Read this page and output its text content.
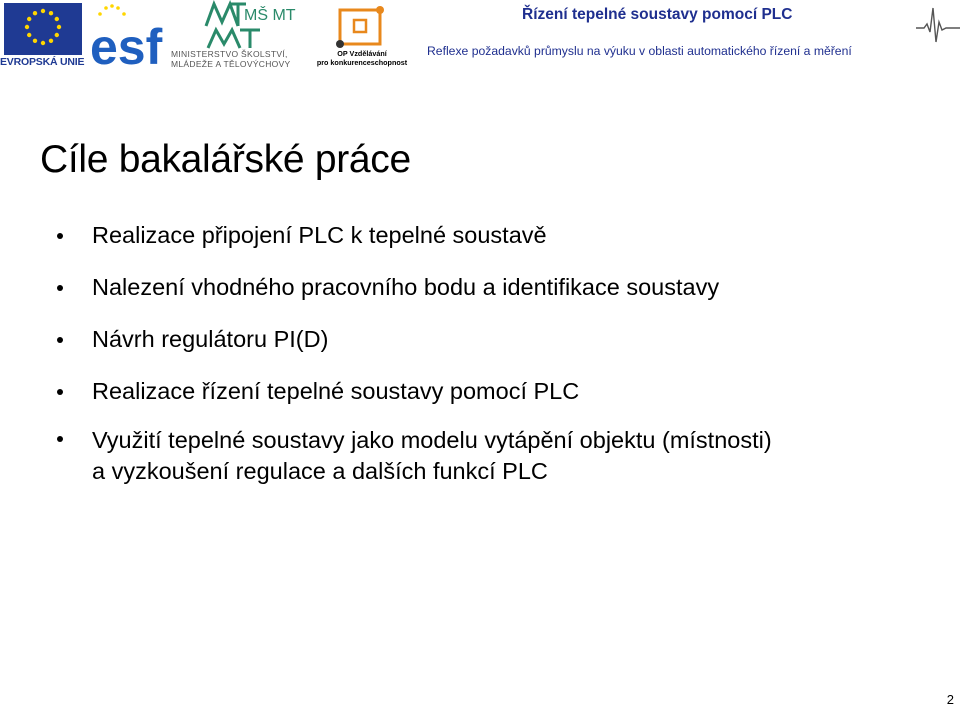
EVROPSKÁ UNIE esf
MŠ MT
MINISTERSTVO ŠKOLSTVÍ,
MLÁDEŽE A TĚLOVÝCHOVY
OP Vzdělávání
pro konkurenceschopnost
Řízení tepelné soustavy pomocí PLC
Reflexe požadavků průmyslu na výuku v oblasti automatického řízení a měření
Cíle bakalářské práce
Realizace připojení PLC k tepelné soustavě
Nalezení vhodného pracovního bodu a identifikace soustavy
Návrh regulátoru PI(D)
Realizace řízení tepelné soustavy pomocí PLC
Využití tepelné soustavy jako modelu vytápění objektu (místnosti)
a vyzkoušení regulace a dalších funkcí PLC
2
